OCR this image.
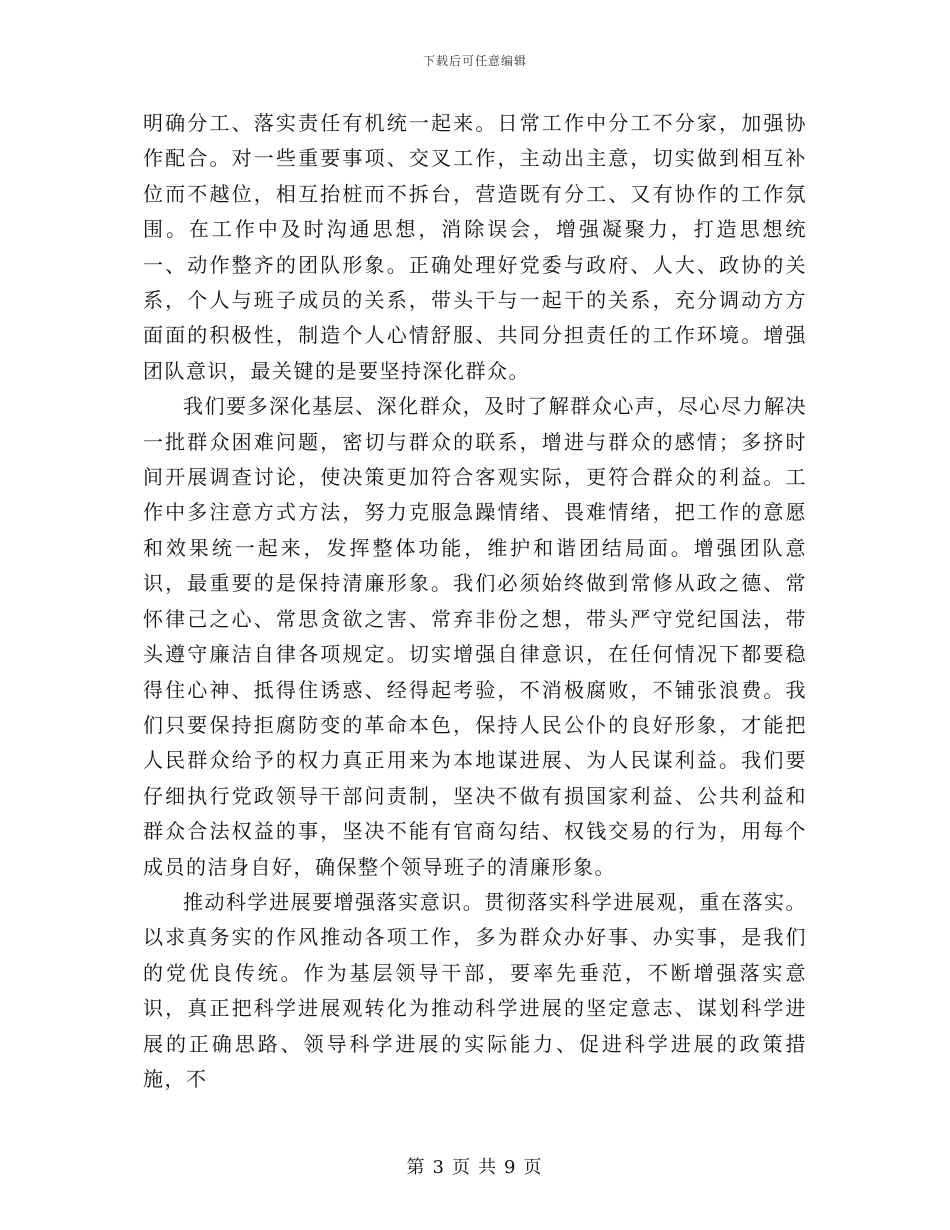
下载后可任意编辑

明确分工、落实责任有机统一起来。日常工作中分工不分家，加强协作配合。对一些重要事项、交叉工作，主动出主意，切实做到相互补位而不越位，相互抬桩而不拆台，营造既有分工、又有协作的工作氛围。在工作中及时沟通思想，消除误会，增强凝聚力，打造思想统一、动作整齐的团队形象。正确处理好党委与政府、人大、政协的关系，个人与班子成员的关系，带头干与一起干的关系，充分调动方方面面的积极性，制造个人心情舒服、共同分担责任的工作环境。增强团队意识，最关键的是要坚持深化群众。

我们要多深化基层、深化群众，及时了解群众心声，尽心尽力解决一批群众困难问题，密切与群众的联系，增进与群众的感情；多挤时间开展调查讨论，使决策更加符合客观实际，更符合群众的利益。工作中多注意方式方法，努力克服急躁情绪、畏难情绪，把工作的意愿和效果统一起来，发挥整体功能，维护和谐团结局面。增强团队意识，最重要的是保持清廉形象。我们必须始终做到常修从政之德、常怀律己之心、常思贪欲之害、常弃非份之想，带头严守党纪国法，带头遵守廉洁自律各项规定。切实增强自律意识，在任何情况下都要稳得住心神、抵得住诱惑、经得起考验，不消极腐败，不铺张浪费。我们只要保持拒腐防变的革命本色，保持人民公仆的良好形象，才能把人民群众给予的权力真正用来为本地谋进展、为人民谋利益。我们要仔细执行党政领导干部问责制，坚决不做有损国家利益、公共利益和群众合法权益的事，坚决不能有官商勾结、权钱交易的行为，用每个成员的洁身自好，确保整个领导班子的清廉形象。

推动科学进展要增强落实意识。贯彻落实科学进展观，重在落实。以求真务实的作风推动各项工作，多为群众办好事、办实事，是我们的党优良传统。作为基层领导干部，要率先垂范，不断增强落实意识，真正把科学进展观转化为推动科学进展的坚定意志、谋划科学进展的正确思路、领导科学进展的实际能力、促进科学进展的政策措施，不

第 3 页 共 9 页
